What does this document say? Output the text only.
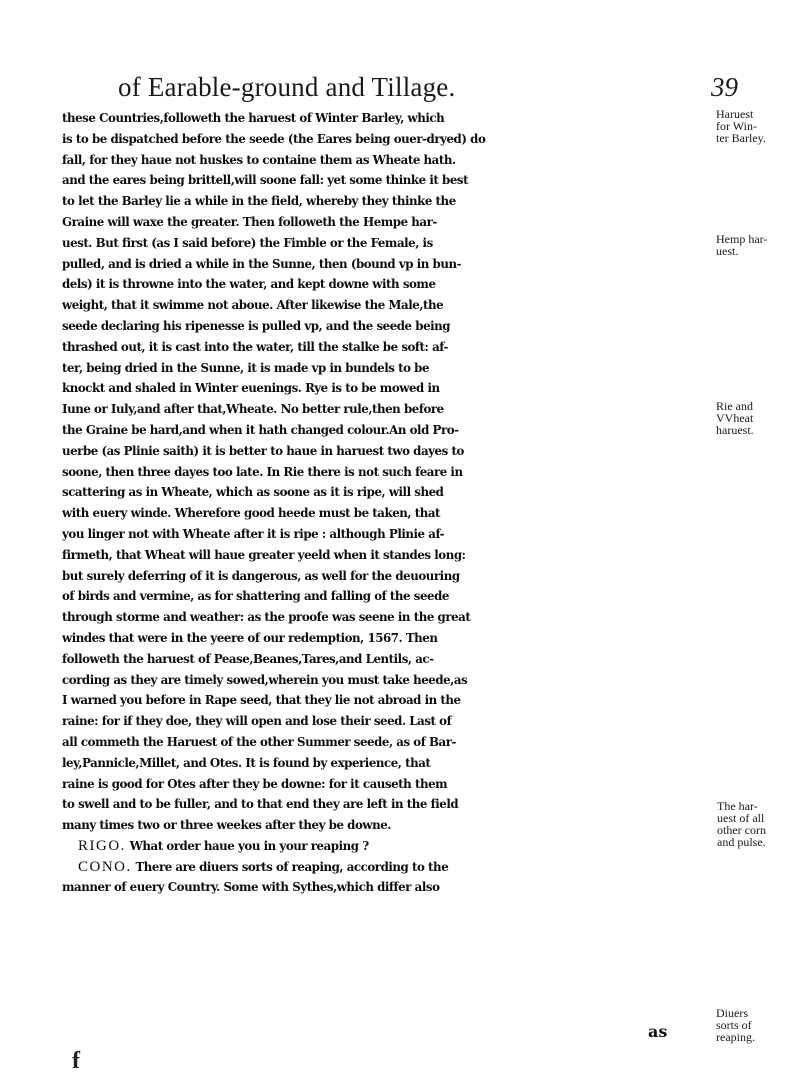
of Earable-ground and Tillage.	39
these Countries,followeth the haruest of Winter Barley, which
is to be dispatched before the seede (the Eares being ouer-dryed) do
fall, for they haue not huskes to containe them as Wheate hath.
and the eares being brittell,will soone fall: yet some thinke it best
to let the Barley lie a while in the field, whereby they thinke the
Graine will waxe the greater. Then followeth the Hempe har-
uest. But first (as I said before) the Fimble or the Female, is
pulled, and is dried a while in the Sunne, then (bound vp in bun-
dels) it is throwne into the water, and kept downe with some
weight, that it swimme not aboue. After likewise the Male,the
seede declaring his ripenesse is pulled vp, and the seede being
thrashed out, it is cast into the water, till the stalke be soft: af-
ter, being dried in the Sunne, it is made vp in bundels to be
knockt and shaled in Winter euenings. Rye is to be mowed in
Iune or Iuly,and after that,Wheate. No better rule,then before
the Graine be hard,and when it hath changed colour.An old Pro-
uerbe (as Plinie saith) it is better to haue in haruest two dayes to
soone, then three dayes too late. In Rie there is not such feare in
scattering as in Wheate, which as soone as it is ripe, will shed
with euery winde. Wherefore good heede must be taken, that
you linger not with Wheate after it is ripe : although Plinie af-
firmeth, that Wheat will haue greater yeeld when it standes long:
but surely deferring of it is dangerous, as well for the deuouring
of birds and vermine, as for shattering and falling of the seede
through storme and weather: as the proofe was seene in the great
windes that were in the yeere of our redemption, 1567. Then
followeth the haruest of Pease,Beanes,Tares,and Lentils, ac-
cording as they are timely sowed,wherein you must take heede,as
I warned you before in Rape seed, that they lie not abroad in the
raine: for if they doe, they will open and lose their seed. Last of
all commeth the Haruest of the other Summer seede, as of Bar-
ley,Pannicle,Millet, and Otes. It is found by experience, that
raine is good for Otes after they be downe: for it causeth them
to swell and to be fuller, and to that end they are left in the field
many times two or three weekes after they be downe.
RIGO. What order haue you in your reaping ?
CONO. There are diuers sorts of reaping, according to the
manner of euery Country. Some with Sythes,which differ also
Haruest
for Win-
ter Barley.
Hemp har-
uest.
Rie and
VVheat
haruest.
The har-
uest of all
other corn
and pulse.
Diuers
sorts of
reaping.
as
f
